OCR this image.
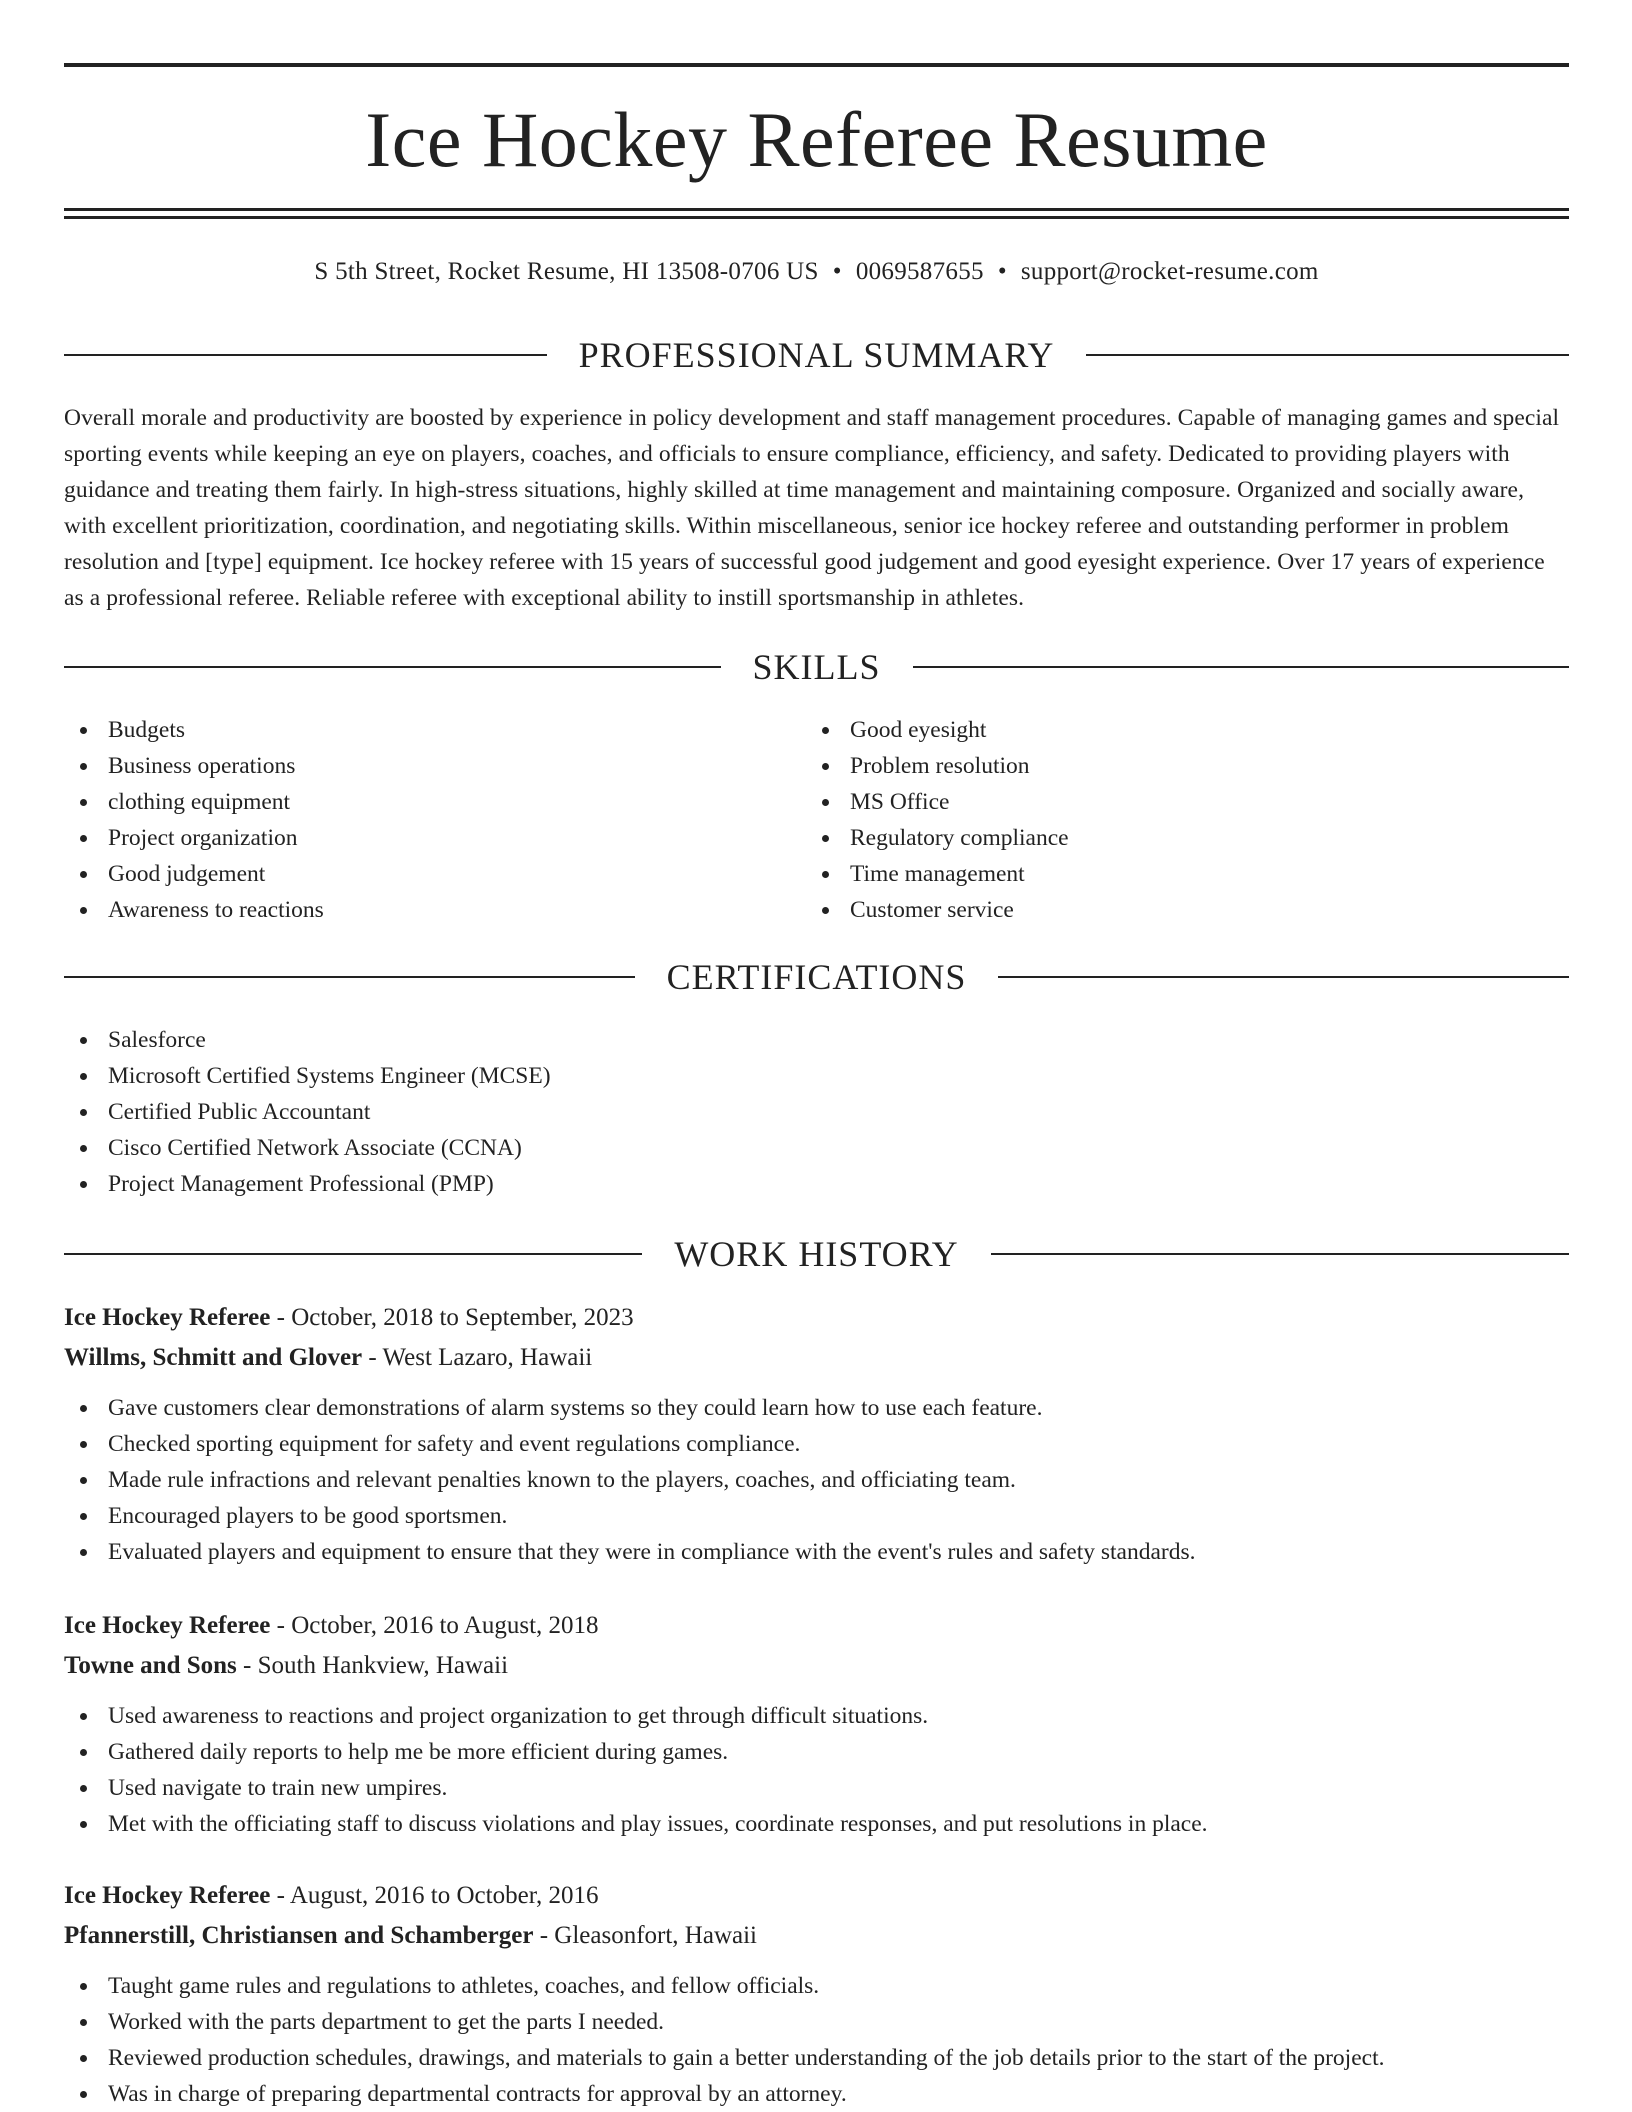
Ice Hockey Referee Resume
S 5th Street, Rocket Resume, HI 13508-0706 US • 0069587655 • support@rocket-resume.com
PROFESSIONAL SUMMARY

Overall morale and productivity are boosted by experience in policy development and staff management procedures. Capable of managing games and special sporting events while keeping an eye on players, coaches, and officials to ensure compliance, efficiency, and safety. Dedicated to providing players with guidance and treating them fairly. In high-stress situations, highly skilled at time management and maintaining composure. Organized and socially aware, with excellent prioritization, coordination, and negotiating skills. Within miscellaneous, senior ice hockey referee and outstanding performer in problem resolution and [type] equipment. Ice hockey referee with 15 years of successful good judgement and good eyesight experience. Over 17 years of experience as a professional referee. Reliable referee with exceptional ability to instill sportsmanship in athletes.

SKILLS
Budgets
Business operations
clothing equipment
Project organization
Good judgement
Awareness to reactions
Good eyesight
Problem resolution
MS Office
Regulatory compliance
Time management
Customer service
CERTIFICATIONS
Salesforce
Microsoft Certified Systems Engineer (MCSE)
Certified Public Accountant
Cisco Certified Network Associate (CCNA)
Project Management Professional (PMP)
WORK HISTORY
Ice Hockey Referee - October, 2018 to September, 2023
Willms, Schmitt and Glover - West Lazaro, Hawaii
Gave customers clear demonstrations of alarm systems so they could learn how to use each feature.
Checked sporting equipment for safety and event regulations compliance.
Made rule infractions and relevant penalties known to the players, coaches, and officiating team.
Encouraged players to be good sportsmen.
Evaluated players and equipment to ensure that they were in compliance with the event's rules and safety standards.
Ice Hockey Referee - October, 2016 to August, 2018
Towne and Sons - South Hankview, Hawaii
Used awareness to reactions and project organization to get through difficult situations.
Gathered daily reports to help me be more efficient during games.
Used navigate to train new umpires.
Met with the officiating staff to discuss violations and play issues, coordinate responses, and put resolutions in place.
Ice Hockey Referee - August, 2016 to October, 2016
Pfannerstill, Christiansen and Schamberger - Gleasonfort, Hawaii
Taught game rules and regulations to athletes, coaches, and fellow officials.
Worked with the parts department to get the parts I needed.
Reviewed production schedules, drawings, and materials to gain a better understanding of the job details prior to the start of the project.
Was in charge of preparing departmental contracts for approval by an attorney.
